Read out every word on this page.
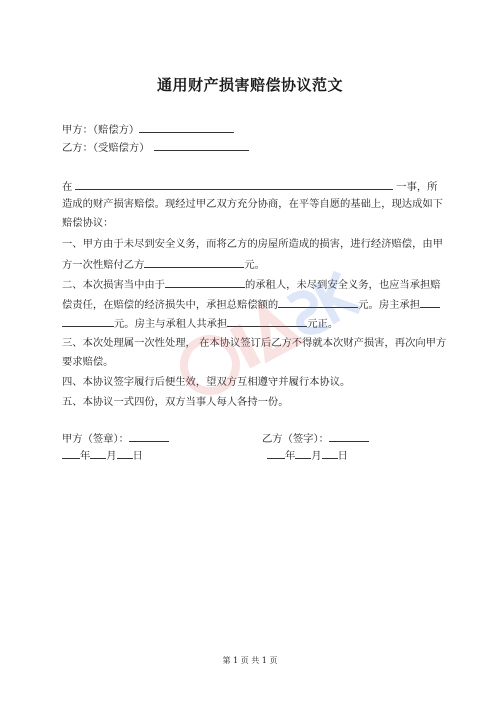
通用财产损害赔偿协议范文
甲方：（赔偿方）
乙方：（受赔偿方）
在	一事，所
造成的财产损害赔偿。现经过甲乙双方充分协商，在平等自愿的基础上，现达成如下
赔偿协议：
一、甲方由于未尽到安全义务，而将乙方的房屋所造成的损害，进行经济赔偿，由甲
方一次性赔付乙方	元。
二、本次损害当中由于	的承租人，未尽到安全义务，也应当承担赔
偿责任，在赔偿的经济损失中，承担总赔偿额的	元。房主承担
元。房主与承租人共承担	元正。
三、本次处理属一次性处理， 在本协议签订后乙方不得就本次财产损害，再次向甲方
要求赔偿。
四、本协议签字履行后便生效，望双方互相遵守并履行本协议。
五、本协议一式四份，双方当事人每人各持一份。
甲方（签章）：	乙方（签字）：
年 月 日	年 月 日
第 1 页 共 1 页
